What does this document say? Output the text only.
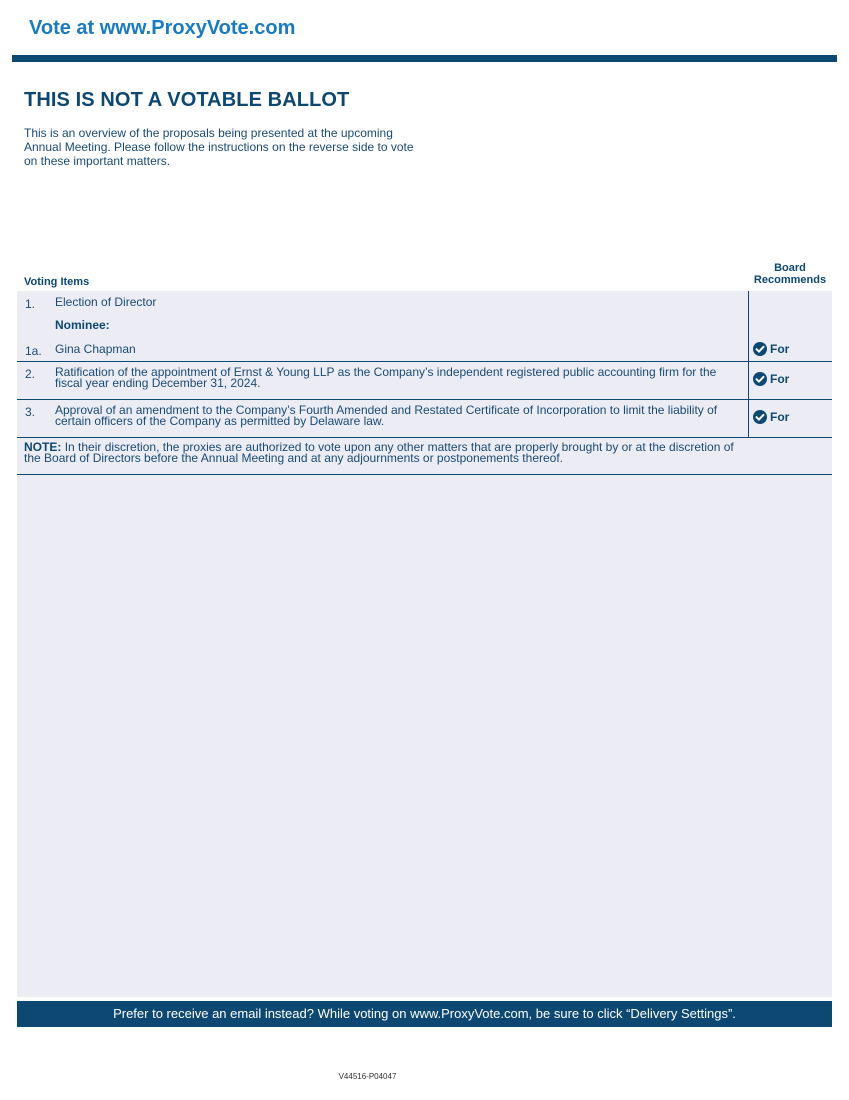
Vote at www.ProxyVote.com
THIS IS NOT A VOTABLE BALLOT
This is an overview of the proposals being presented at the upcoming Annual Meeting. Please follow the instructions on the reverse side to vote on these important matters.
Voting Items
Board Recommends
1. Election of Director
Nominee:
1a. Gina Chapman	For
2. Ratification of the appointment of Ernst & Young LLP as the Company’s independent registered public accounting firm for the fiscal year ending December 31, 2024.	For
3. Approval of an amendment to the Company’s Fourth Amended and Restated Certificate of Incorporation to limit the liability of certain officers of the Company as permitted by Delaware law.	For
NOTE: In their discretion, the proxies are authorized to vote upon any other matters that are properly brought by or at the discretion of the Board of Directors before the Annual Meeting and at any adjournments or postponements thereof.
Prefer to receive an email instead? While voting on www.ProxyVote.com, be sure to click “Delivery Settings”.
V44516-P04047
